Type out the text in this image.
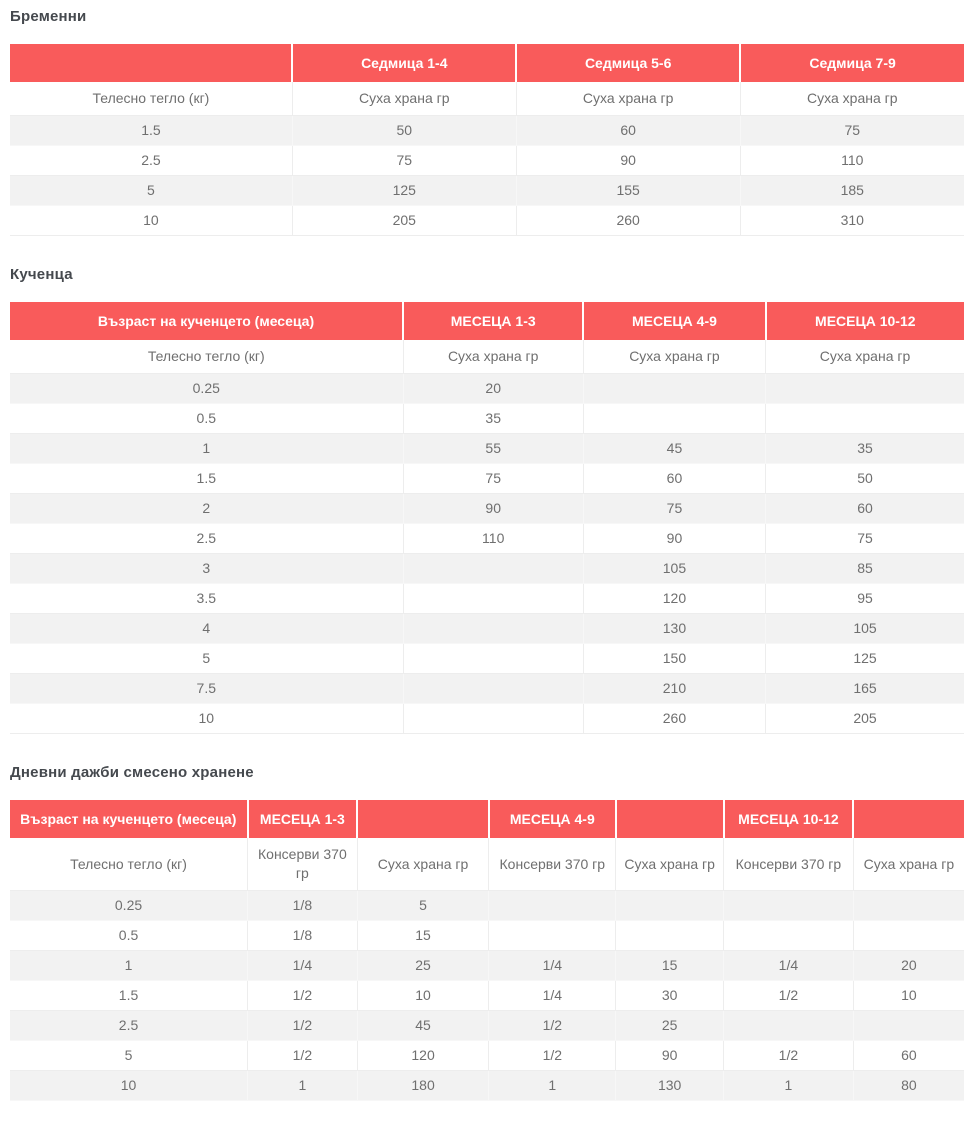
Бременни
	Седмица 1-4	Седмица 5-6	Седмица 7-9
Телесно тегло (кг)	Суха храна гр	Суха храна гр	Суха храна гр
1.5	50	60	75
2.5	75	90	110
5	125	155	185
10	205	260	310
Кученца
Възраст на кученцето (месеца)	МЕСЕЦА 1-3	МЕСЕЦА 4-9	МЕСЕЦА 10-12
Телесно тегло (кг)	Суха храна гр	Суха храна гр	Суха храна гр
0.25	20		
0.5	35		
1	55	45	35
1.5	75	60	50
2	90	75	60
2.5	110	90	75
3		105	85
3.5		120	95
4		130	105
5		150	125
7.5		210	165
10		260	205
Дневни дажби смесено хранене
Възраст на кученцето (месеца)	МЕСЕЦА 1-3		МЕСЕЦА 4-9		МЕСЕЦА 10-12	
Телесно тегло (кг)	Консерви 370 гр	Суха храна гр	Консерви 370 гр	Суха храна гр	Консерви 370 гр	Суха храна гр
0.25	1/8	5				
0.5	1/8	15				
1	1/4	25	1/4	15	1/4	20
1.5	1/2	10	1/4	30	1/2	10
2.5	1/2	45	1/2	25		
5	1/2	120	1/2	90	1/2	60
10	1	180	1	130	1	80
